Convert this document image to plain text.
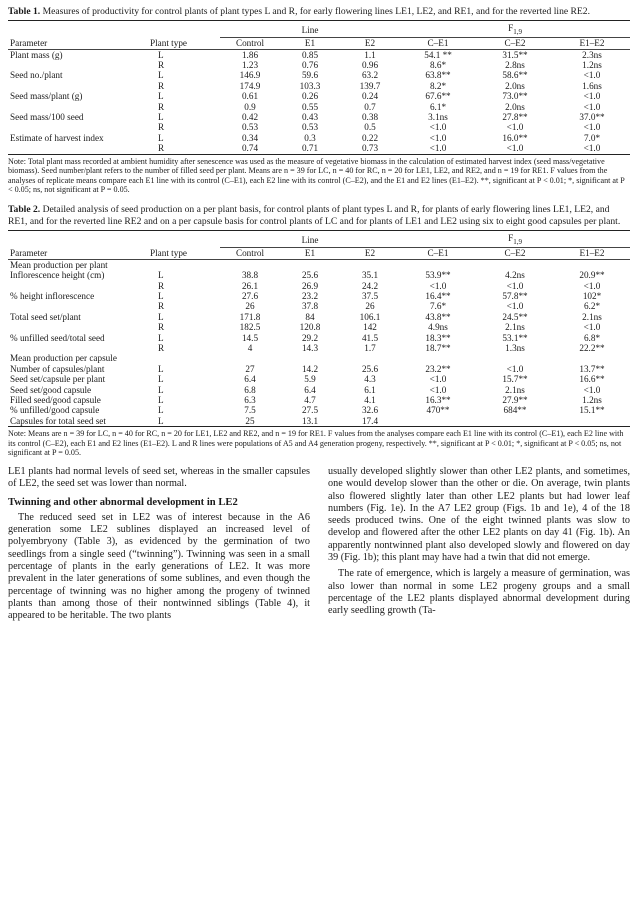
Table 1. Measures of productivity for control plants of plant types L and R, for early flowering lines LE1, LE2, and RE1, and for the reverted line RE2.

		Line			$F_{1,9}$
Parameter	Plant type	Control	E1	E2	C–E1	C–E2	E1–E2
Plant mass (g)	L	1.86	0.85	1.1	54.1 **	31.5**	2.3ns
	R	1.23	0.76	0.96	8.6*	2.8ns	1.2ns
Seed no./plant	L	146.9	59.6	63.2	63.8**	58.6**	<1.0
	R	174.9	103.3	139.7	8.2*	2.0ns	1.6ns
Seed mass/plant (g)	L	0.61	0.26	0.24	67.6**	73.0**	<1.0
	R	0.9	0.55	0.7	6.1*	2.0ns	<1.0
Seed mass/100 seed	L	0.42	0.43	0.38	3.1ns	27.8**	37.0**
	R	0.53	0.53	0.5	<1.0	<1.0	<1.0
Estimate of harvest index	L	0.34	0.3	0.22	<1.0	16.0**	7.0*
	R	0.74	0.71	0.73	<1.0	<1.0	<1.0

Note: Total plant mass recorded at ambient humidity after senescence was used as the measure of vegetative biomass in the calculation of estimated harvest index (seed mass/vegetative biomass). Seed number/plant refers to the number of filled seed per plant. Means are n = 39 for LC, n = 40 for RC, n = 20 for LE1, LE2, and RE2, and n = 19 for RE1. F values from the analyses of replicate means compare each E1 line with its control (C–E1), each E2 line with its control (C–E2), and the E1 and E2 lines (E1–E2). **, significant at P < 0.01; *, significant at P < 0.05; ns, not significant at P = 0.05.

Table 2. Detailed analysis of seed production on a per plant basis, for control plants of plant types L and R, for plants of early flowering lines LE1, LE2, and RE1, and for the reverted line RE2 and on a per capsule basis for control plants of LC and for plants of LE1 and LE2 using six to eight good capsules per plant.

		Line			$F_{1,9}$
Parameter	Plant type	Control	E1	E2	C–E1	C–E2	E1–E2
Mean production per plant							
Inflorescence height (cm)	L	38.8	25.6	35.1	53.9**	4.2ns	20.9**
	R	26.1	26.9	24.2	<1.0	<1.0	<1.0
% height inflorescence	L	27.6	23.2	37.5	16.4**	57.8**	102*
	R	26	37.8	26	7.6*	<1.0	6.2*
Total seed set/plant	L	171.8	84	106.1	43.8**	24.5**	2.1ns
	R	182.5	120.8	142	4.9ns	2.1ns	<1.0
% unfilled seed/total seed	L	14.5	29.2	41.5	18.3**	53.1**	6.8*
	R	4	14.3	1.7	18.7**	1.3ns	22.2**
Mean production per capsule							
Number of capsules/plant	L	27	14.2	25.6	23.2**	<1.0	13.7**
Seed set/capsule per plant	L	6.4	5.9	4.3	<1.0	15.7**	16.6**
Seed set/good capsule	L	6.8	6.4	6.1	<1.0	2.1ns	<1.0
Filled seed/good capsule	L	6.3	4.7	4.1	16.3**	27.9**	1.2ns
% unfilled/good capsule	L	7.5	27.5	32.6	470**	684**	15.1**
Capsules for total seed set	L	25	13.1	17.4			

Note: Means are n = 39 for LC, n = 40 for RC, n = 20 for LE1, LE2 and RE2, and n = 19 for RE1. F values from the analyses compare each E1 line with its control (C–E1), each E2 line with its control (C–E2), each E1 and E2 lines (E1–E2). L and R lines were populations of A5 and A4 generation progeny, respectively. **, significant at P < 0.01; *, significant at P < 0.05; ns, not significant at P = 0.05.

LE1 plants had normal levels of seed set, whereas in the smaller capsules of LE2, the seed set was lower than normal.

Twinning and other abnormal development in LE2

The reduced seed set in LE2 was of interest because in the A6 generation some LE2 sublines displayed an increased level of polyembryony (Table 3), as evidenced by the germination of two seedlings from a single seed (“twinning”). Twinning was seen in a small percentage of plants in the early generations of LE2. It was more prevalent in the later generations of some sublines, and even though the percentage of twinning was no higher among the progeny of twinned plants than among those of their nontwinned siblings (Table 4), it appeared to be heritable. The two plants

usually developed slightly slower than other LE2 plants, and sometimes, one would develop slower than the other or die. On average, twin plants also flowered slightly later than other LE2 plants but had lower leaf numbers (Fig. 1e). In the A7 LE2 group (Figs. 1b and 1e), 4 of the 18 seeds produced twins. One of the eight twinned plants was slow to develop and flowered after the other LE2 plants on day 41 (Fig. 1b). An apparently nontwinned plant also developed slowly and flowered on day 39 (Fig. 1b); this plant may have had a twin that did not emerge.

The rate of emergence, which is largely a measure of germination, was also lower than normal in some LE2 progeny groups and a small percentage of the LE2 plants displayed abnormal development during early seedling growth (Ta-
